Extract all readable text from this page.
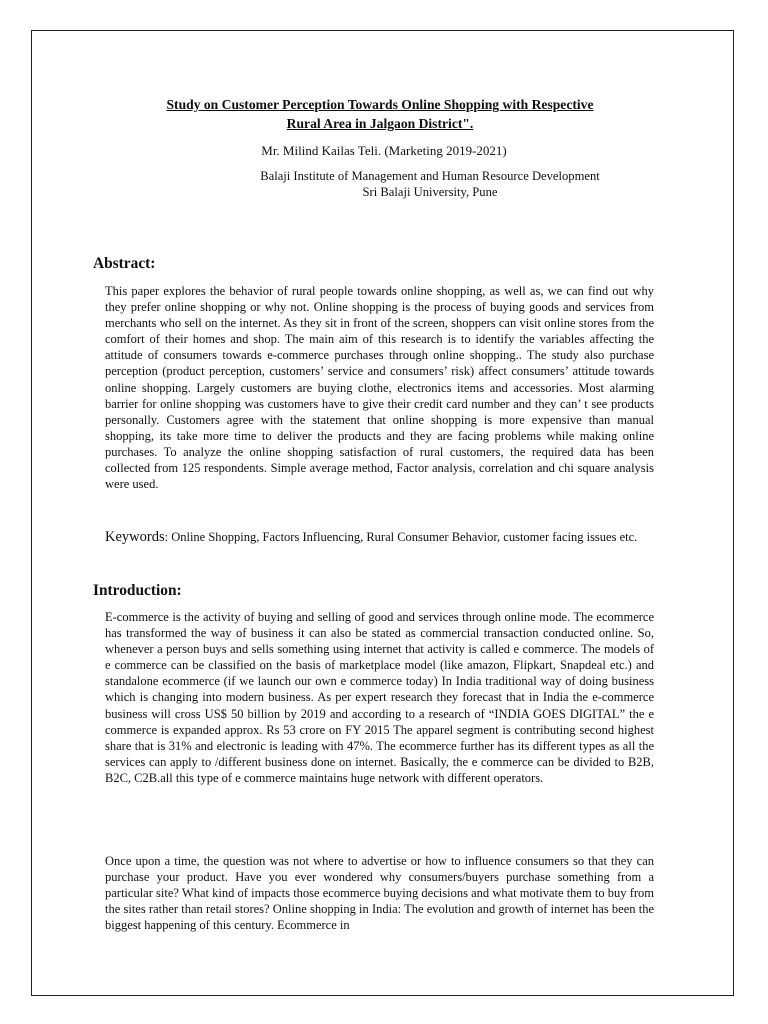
Study on Customer Perception Towards Online Shopping with Respective
Rural Area in Jalgaon District".
Mr. Milind Kailas Teli. (Marketing 2019-2021)
Balaji Institute of Management and Human Resource Development
Sri Balaji University, Pune
Abstract:

This paper explores the behavior of rural people towards online shopping, as well as, we can find out why they prefer online shopping or why not. Online shopping is the process of buying goods and services from merchants who sell on the internet. As they sit in front of the screen, shoppers can visit online stores from the comfort of their homes and shop. The main aim of this research is to identify the variables affecting the attitude of consumers towards e-commerce purchases through online shopping.. The study also purchase perception (product perception, customers’ service and consumers’ risk) affect consumers’ attitude towards online shopping. Largely customers are buying clothe, electronics items and accessories. Most alarming barrier for online shopping was customers have to give their credit card number and they can’ t see products personally. Customers agree with the statement that online shopping is more expensive than manual shopping, its take more time to deliver the products and they are facing problems while making online purchases. To analyze the online shopping satisfaction of rural customers, the required data has been collected from 125 respondents. Simple average method, Factor analysis, correlation and chi square analysis were used.

Keywords: Online Shopping, Factors Influencing, Rural Consumer Behavior, customer facing issues etc.

Introduction:

E-commerce is the activity of buying and selling of good and services through online mode. The ecommerce has transformed the way of business it can also be stated as commercial transaction conducted online. So, whenever a person buys and sells something using internet that activity is called e commerce. The models of e commerce can be classified on the basis of marketplace model (like amazon, Flipkart, Snapdeal etc.) and standalone ecommerce (if we launch our own e commerce today) In India traditional way of doing business which is changing into modern business. As per expert research they forecast that in India the e-commerce business will cross US$ 50 billion by 2019 and according to a research of “INDIA GOES DIGITAL” the e commerce is expanded approx. Rs 53 crore on FY 2015 The apparel segment is contributing second highest share that is 31% and electronic is leading with 47%. The ecommerce further has its different types as all the services can apply to /different business done on internet. Basically, the e commerce can be divided to B2B, B2C, C2B.all this type of e commerce maintains huge network with different operators.

Once upon a time, the question was not where to advertise or how to influence consumers so that they can purchase your product. Have you ever wondered why consumers/buyers purchase something from a particular site? What kind of impacts those ecommerce buying decisions and what motivate them to buy from the sites rather than retail stores? Online shopping in India: The evolution and growth of internet has been the biggest happening of this century. Ecommerce in
